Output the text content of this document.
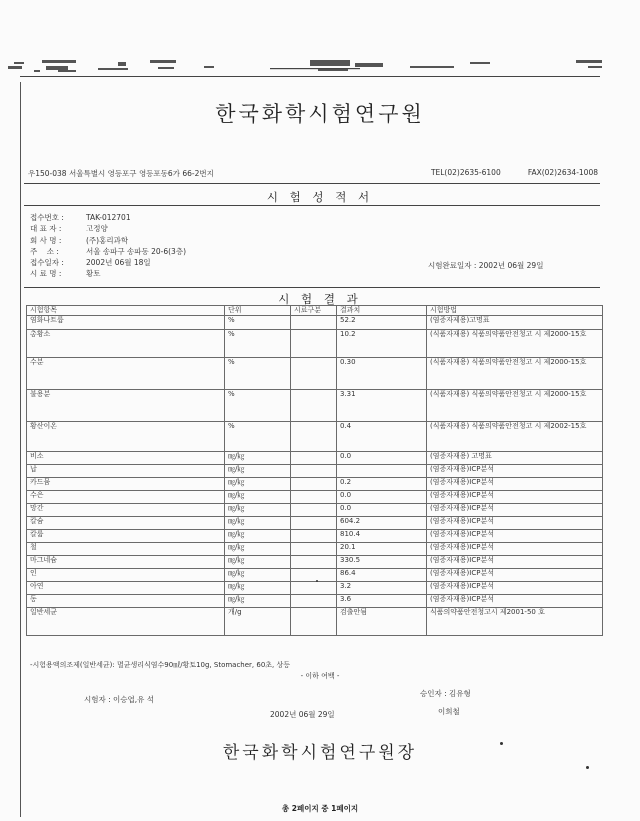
한국화학시험연구원
우150-038 서울특별시 영등포구 영등포동6가 66-2번지	TEL(02)2635-6100	FAX(02)2634-1008
시 험 성 적 서
접수번호 :	TAK-012701
대 표 자 :	고정양
회 사 명 :	(주)홍리과학
주    소 :	서울 송파구 송파동 20-6(3층)
접수일자 :	2002년 06월 18일
시 료 명 :	황토
시험완료일자 : 2002년 06월 29일
시 험 결 과
시험항목	단위	시료구분	결과치	시험방법
염화나트륨	%		52.2	(염증자제용)고명표
총황소	%		10.2	(식품자재용) 식품의약품안전청고 시 제2000-15호
수분	%		0.30	(식품자재용) 식품의약품안전청고 시 제2000-15호
불용분	%		3.31	(식품자재용) 식품의약품안전청고 시 제2000-15호
황산이온	%		0.4	(식품자재용) 식품의약품안전청고 시 제2002-15호
비소	㎎/㎏		0.0	(염증자재용) 고명표
납	㎎/㎏			(염증자재용)ICP분석
카드뮴	㎎/㎏		0.2	(염증자재용)ICP분석
수은	㎎/㎏		0.0	(염증자재용)ICP분석
망간	㎎/㎏		0.0	(염증자재용)ICP분석
칼슘	㎎/㎏		604.2	(염증자재용)ICP분석
칼륨	㎎/㎏		810.4	(염증자재용)ICP분석
철	㎎/㎏		20.1	(염증자재용)ICP분석
마그네슘	㎎/㎏		330.5	(염증자재용)ICP분석
인	㎎/㎏		86.4	(염증자재용)ICP분석
아연	㎎/㎏		3.2	(염증자재용)ICP분석
동	㎎/㎏		3.6	(염증자재용)ICP분석
일반세균	개/g		검출안됨	식품의약품안전청고시 제2001-50 호
-시험용액의조제(일반세균): 멸균생리식염수90㎖/황토10g, Stomacher, 60초, 상등
- 이하 여백 -
시험자 : 이승엽,유 석
승인자 : 김유형
이희철
2002년 06월 29일
한국화학시험연구원장
총 2페이지 중 1페이지
